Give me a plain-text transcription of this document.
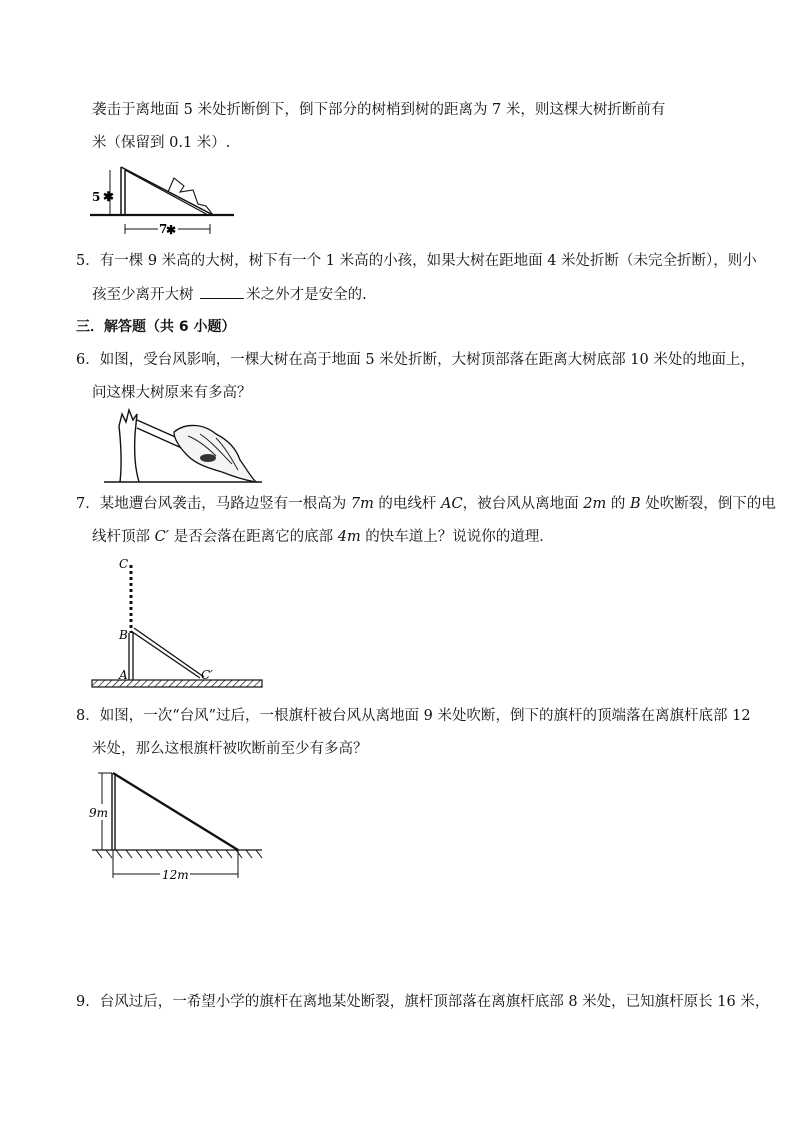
袭击于离地面 5 米处折断倒下，倒下部分的树梢到树的距离为 7 米，则这棵大树折断前有
米（保留到 0.1 米）.
5 ✱
7
✱
5．有一棵 9 米高的大树，树下有一个 1 米高的小孩，如果大树在距地面 4 米处折断（未完全折断），则小
孩至少离开大树	米之外才是安全的.
三．解答题（共 6 小题）
6．如图，受台风影响，一棵大树在高于地面 5 米处折断，大树顶部落在距离大树底部 10 米处的地面上，
问这棵大树原来有多高？
7．某地遭台风袭击，马路边竖有一根高为 7m 的电线杆 AC，被台风从离地面 2m 的 B 处吹断裂，倒下的电
线杆顶部 C′ 是否会落在距离它的底部 4m 的快车道上？说说你的道理．
C
B
A	C′
8．如图，一次“台风”过后，一根旗杆被台风从离地面 9 米处吹断，倒下的旗杆的顶端落在离旗杆底部 12
米处，那么这根旗杆被吹断前至少有多高？
9m
12m
9．台风过后，一希望小学的旗杆在离地某处断裂，旗杆顶部落在离旗杆底部 8 米处，已知旗杆原长 16 米，
